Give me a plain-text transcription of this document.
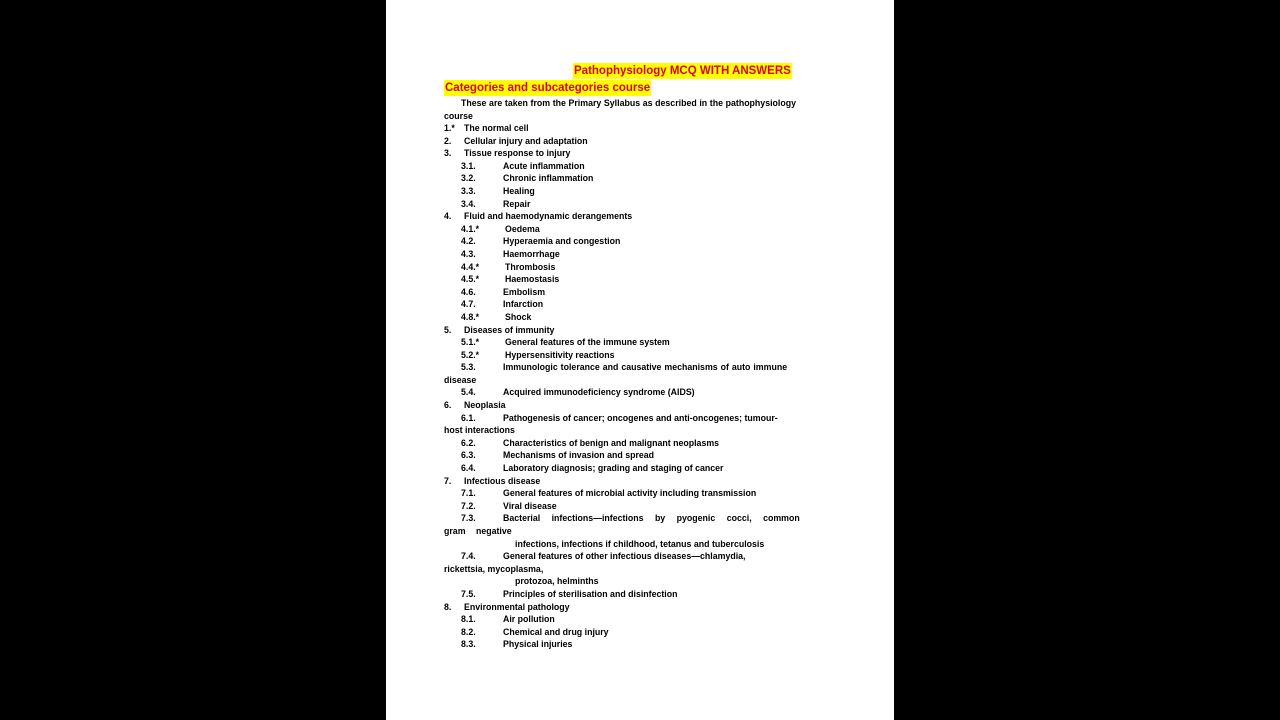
Pathophysiology MCQ WITH ANSWERS
Categories and subcategories course
These are taken from the Primary Syllabus as described in the pathophysiology course
1.* The normal cell
2. Cellular injury and adaptation
3. Tissue response to injury
3.1.	Acute inflammation
3.2.	Chronic inflammation
3.3.	Healing
3.4.	Repair
4. Fluid and haemodynamic derangements
4.1.*	Oedema
4.2.	Hyperaemia and congestion
4.3.	Haemorrhage
4.4.*	Thrombosis
4.5.*	Haemostasis
4.6.	Embolism
4.7.	Infarction
4.8.*	Shock
5. Diseases of immunity
5.1.*	General features of the immune system
5.2.*	Hypersensitivity reactions
5.3.	Immunologic tolerance and causative mechanisms of auto immune
disease
5.4.	Acquired immunodeficiency syndrome (AIDS)
6. Neoplasia
6.1.	Pathogenesis of cancer; oncogenes and anti-oncogenes; tumour-
host interactions
6.2.	Characteristics of benign and malignant neoplasms
6.3.	Mechanisms of invasion and spread
6.4.	Laboratory diagnosis; grading and staging of cancer
7. Infectious disease
7.1.	General features of microbial activity including transmission
7.2.	Viral disease
7.3.	Bacterial infections—infections by pyogenic cocci, common
gram negative
infections, infections if childhood, tetanus and tuberculosis
7.4.	General features of other infectious diseases—chlamydia,
rickettsia, mycoplasma,
protozoa, helminths
7.5.	Principles of sterilisation and disinfection
8. Environmental pathology
8.1.	Air pollution
8.2.	Chemical and drug injury
8.3.	Physical injuries
